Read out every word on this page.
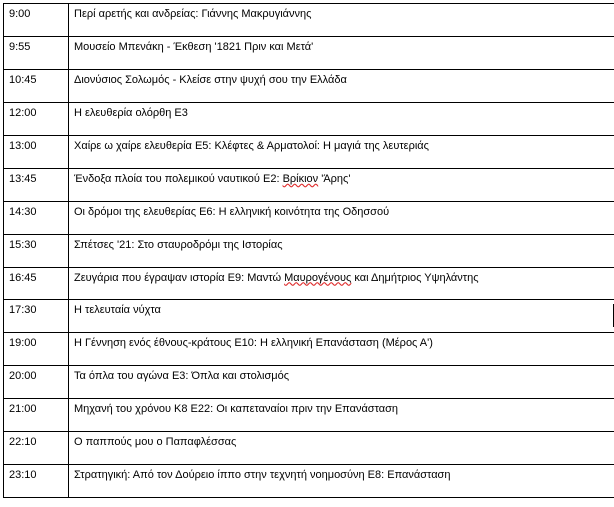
9:00	Περί αρετής και ανδρείας: Γιάννης Μακρυγιάννης
9:55	Μουσείο Μπενάκη - Έκθεση '1821 Πριν και Μετά'
10:45	Διονύσιος Σολωμός - Κλείσε στην ψυχή σου την Ελλάδα
12:00	Η ελευθερία ολόρθη Ε3
13:00	Χαίρε ω χαίρε ελευθερία Ε5: Κλέφτες & Αρματολοί: Η μαγιά της λευτεριάς
13:45	Ένδοξα πλοία του πολεμικού ναυτικού Ε2: Βρίκιον 'Άρης'
14:30	Οι δρόμοι της ελευθερίας Ε6: Η ελληνική κοινότητα της Οδησσού
15:30	Σπέτσες '21: Στο σταυροδρόμι της Ιστορίας
16:45	Ζευγάρια που έγραψαν ιστορία Ε9: Μαντώ Μαυρογένους και Δημήτριος Υψηλάντης
17:30	Η τελευταία νύχτα

19:00	Η Γέννηση ενός έθνους-κράτους Ε10: Η ελληνική Επανάσταση (Μέρος Α')
20:00	Τα όπλα του αγώνα Ε3: Όπλα και στολισμός
21:00	Μηχανή του χρόνου Κ8 Ε22: Οι καπεταναίοι πριν την Επανάσταση
22:10	Ο παππούς μου ο Παπαφλέσσας
23:10	Στρατηγική: Από τον Δούρειο ίππο στην τεχνητή νοημοσύνη Ε8: Επανάσταση
